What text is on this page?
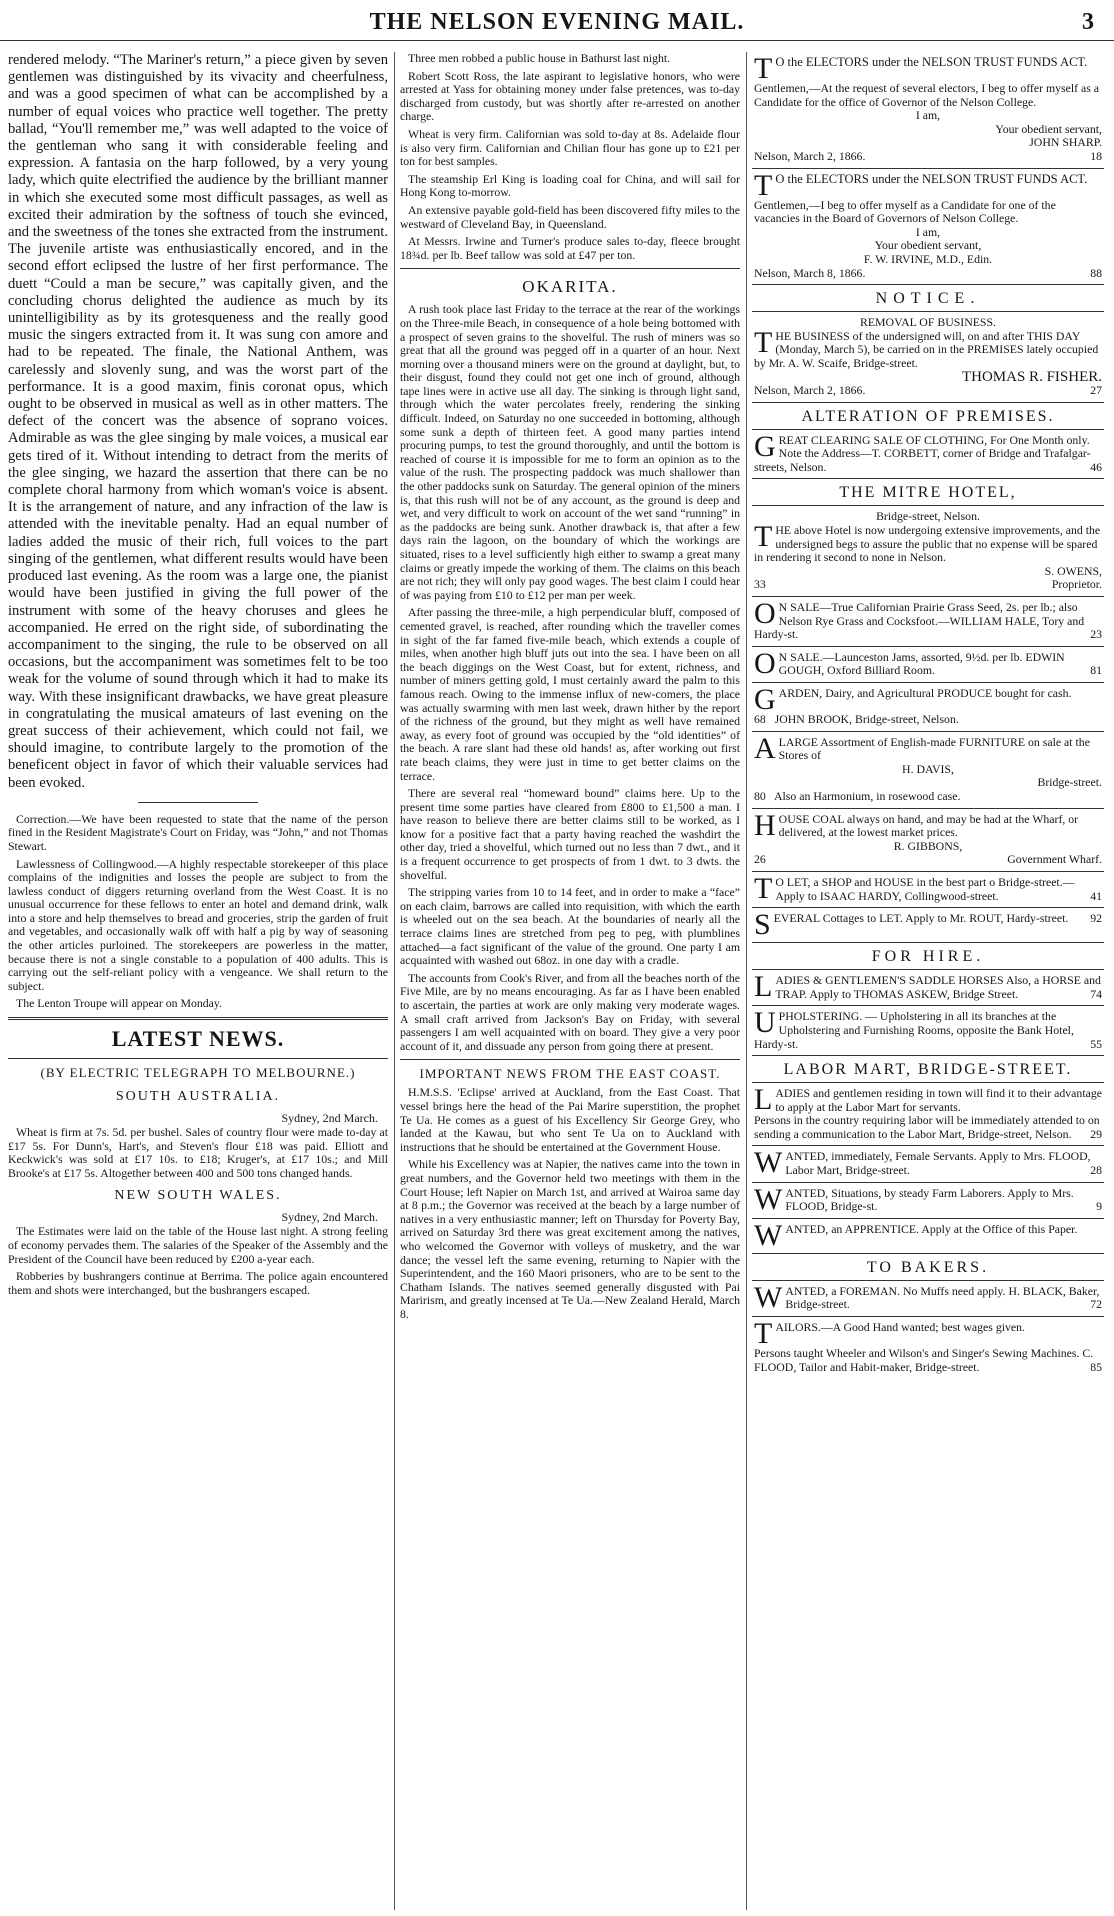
THE NELSON EVENING MAIL.	3

rendered melody. “The Mariner's return,” a piece given by seven gentlemen was distinguished by its vivacity and cheerfulness, and was a good specimen of what can be accomplished by a number of equal voices who practice well together. The pretty ballad, “You'll remember me,” was well adapted to the voice of the gentleman who sang it with considerable feeling and expression. A fantasia on the harp followed, by a very young lady, which quite electrified the audience by the brilliant manner in which she executed some most difficult passages, as well as excited their admiration by the softness of touch she evinced, and the sweetness of the tones she extracted from the instrument. The juvenile artiste was enthusiastically encored, and in the second effort eclipsed the lustre of her first performance. The duett “Could a man be secure,” was capitally given, and the concluding chorus delighted the audience as much by its unintelligibility as by its grotesqueness and the really good music the singers extracted from it. It was sung con amore and had to be repeated. The finale, the National Anthem, was carelessly and slovenly sung, and was the worst part of the performance. It is a good maxim, finis coronat opus, which ought to be observed in musical as well as in other matters. The defect of the concert was the absence of soprano voices. Admirable as was the glee singing by male voices, a musical ear gets tired of it. Without intending to detract from the merits of the glee singing, we hazard the assertion that there can be no complete choral harmony from which woman's voice is absent. It is the arrangement of nature, and any infraction of the law is attended with the inevitable penalty. Had an equal number of ladies added the music of their rich, full voices to the part singing of the gentlemen, what different results would have been produced last evening. As the room was a large one, the pianist would have been justified in giving the full power of the instrument with some of the heavy choruses and glees he accompanied. He erred on the right side, of subordinating the accompaniment to the singing, the rule to be observed on all occasions, but the accompaniment was sometimes felt to be too weak for the volume of sound through which it had to make its way. With these insignificant drawbacks, we have great pleasure in congratulating the musical amateurs of last evening on the great success of their achievement, which could not fail, we should imagine, to contribute largely to the promotion of the beneficent object in favor of which their valuable services had been evoked.

Correction.—We have been requested to state that the name of the person fined in the Resident Magistrate's Court on Friday, was “John,” and not Thomas Stewart.

Lawlessness of Collingwood.—A highly respectable storekeeper of this place complains of the indignities and losses the people are subject to from the lawless conduct of diggers returning overland from the West Coast. It is no unusual occurrence for these fellows to enter an hotel and demand drink, walk into a store and help themselves to bread and groceries, strip the garden of fruit and vegetables, and occasionally walk off with half a pig by way of seasoning the other articles purloined. The storekeepers are powerless in the matter, because there is not a single constable to a population of 400 adults. This is carrying out the self-reliant policy with a vengeance. We shall return to the subject.

The Lenton Troupe will appear on Monday.

LATEST NEWS.
(BY ELECTRIC TELEGRAPH TO MELBOURNE.)
SOUTH AUSTRALIA.
Sydney, 2nd March.

Wheat is firm at 7s. 5d. per bushel. Sales of country flour were made to-day at £17 5s. For Dunn's, Hart's, and Steven's flour £18 was paid. Elliott and Keckwick's was sold at £17 10s. to £18; Kruger's, at £17 10s.; and Mill Brooke's at £17 5s. Altogether between 400 and 500 tons changed hands.

NEW SOUTH WALES.
Sydney, 2nd March.

The Estimates were laid on the table of the House last night. A strong feeling of economy pervades them. The salaries of the Speaker of the Assembly and the President of the Council have been reduced by £200 a-year each.

Robberies by bushrangers continue at Berrima. The police again encountered them and shots were interchanged, but the bushrangers escaped.

Three men robbed a public house in Bathurst last night.

Robert Scott Ross, the late aspirant to legislative honors, who were arrested at Yass for obtaining money under false pretences, was to-day discharged from custody, but was shortly after re-arrested on another charge.

Wheat is very firm. Californian was sold to-day at 8s. Adelaide flour is also very firm. Californian and Chilian flour has gone up to £21 per ton for best samples.

The steamship Erl King is loading coal for China, and will sail for Hong Kong to-morrow.

An extensive payable gold-field has been discovered fifty miles to the westward of Cleveland Bay, in Queensland.

At Messrs. Irwine and Turner's produce sales to-day, fleece brought 18¾d. per lb. Beef tallow was sold at £47 per ton.

OKARITA.

A rush took place last Friday to the terrace at the rear of the workings on the Three-mile Beach, in consequence of a hole being bottomed with a prospect of seven grains to the shovelful. The rush of miners was so great that all the ground was pegged off in a quarter of an hour. Next morning over a thousand miners were on the ground at daylight, but, to their disgust, found they could not get one inch of ground, although tape lines were in active use all day. The sinking is through light sand, through which the water percolates freely, rendering the sinking difficult. Indeed, on Saturday no one succeeded in bottoming, although some sunk a depth of thirteen feet. A good many parties intend procuring pumps, to test the ground thoroughly, and until the bottom is reached of course it is impossible for me to form an opinion as to the value of the rush. The prospecting paddock was much shallower than the other paddocks sunk on Saturday. The general opinion of the miners is, that this rush will not be of any account, as the ground is deep and wet, and very difficult to work on account of the wet sand “running” in as the paddocks are being sunk. Another drawback is, that after a few days rain the lagoon, on the boundary of which the workings are situated, rises to a level sufficiently high either to swamp a great many claims or greatly impede the working of them. The claims on this beach are not rich; they will only pay good wages. The best claim I could hear of was paying from £10 to £12 per man per week.

After passing the three-mile, a high perpendicular bluff, composed of cemented gravel, is reached, after rounding which the traveller comes in sight of the far famed five-mile beach, which extends a couple of miles, when another high bluff juts out into the sea. I have been on all the beach diggings on the West Coast, but for extent, richness, and number of miners getting gold, I must certainly award the palm to this famous reach. Owing to the immense influx of new-comers, the place was actually swarming with men last week, drawn hither by the report of the richness of the ground, but they might as well have remained away, as every foot of ground was occupied by the “old identities” of the beach. A rare slant had these old hands! as, after working out first rate beach claims, they were just in time to get better claims on the terrace.

There are several real “homeward bound” claims here. Up to the present time some parties have cleared from £800 to £1,500 a man. I have reason to believe there are better claims still to be worked, as I know for a positive fact that a party having reached the washdirt the other day, tried a shovelful, which turned out no less than 7 dwt., and it is a frequent occurrence to get prospects of from 1 dwt. to 3 dwts. the shovelful.

The stripping varies from 10 to 14 feet, and in order to make a “face” on each claim, barrows are called into requisition, with which the earth is wheeled out on the sea beach. At the boundaries of nearly all the terrace claims lines are stretched from peg to peg, with plumblines attached—a fact significant of the value of the ground. One party I am acquainted with washed out 68oz. in one day with a cradle.

The accounts from Cook's River, and from all the beaches north of the Five Mile, are by no means encouraging. As far as I have been enabled to ascertain, the parties at work are only making very moderate wages. A small craft arrived from Jackson's Bay on Friday, with several passengers I am well acquainted with on board. They give a very poor account of it, and dissuade any person from going there at present.

IMPORTANT NEWS FROM THE EAST COAST.

H.M.S.S. 'Eclipse' arrived at Auckland, from the East Coast. That vessel brings here the head of the Pai Marire superstition, the prophet Te Ua. He comes as a guest of his Excellency Sir George Grey, who landed at the Kawau, but who sent Te Ua on to Auckland with instructions that he should be entertained at the Government House.

While his Excellency was at Napier, the natives came into the town in great numbers, and the Governor held two meetings with them in the Court House; left Napier on March 1st, and arrived at Wairoa same day at 8 p.m.; the Governor was received at the beach by a large number of natives in a very enthusiastic manner; left on Thursday for Poverty Bay, arrived on Saturday 3rd there was great excitement among the natives, who welcomed the Governor with volleys of musketry, and the war dance; the vessel left the same evening, returning to Napier with the Superintendent, and the 160 Maori prisoners, who are to be sent to the Chatham Islands. The natives seemed generally disgusted with Pai Marirism, and greatly incensed at Te Ua.—New Zealand Herald, March 8.

T O the ELECTORS under the NELSON TRUST FUNDS ACT.
Gentlemen,—At the request of several electors, I beg to offer myself as a Candidate for the office of Governor of the Nelson College.
I am,
Your obedient servant,
JOHN SHARP.
Nelson, March 2, 1866.	18
T O the ELECTORS under the NELSON TRUST FUNDS ACT.
Gentlemen,—I beg to offer myself as a Candidate for one of the vacancies in the Board of Governors of Nelson College.
I am,
Your obedient servant,
F. W. IRVINE, M.D., Edin.
Nelson, March 8, 1866.	88
NOTICE.
REMOVAL OF BUSINESS.
T HE BUSINESS of the undersigned will, on and after THIS DAY (Monday, March 5), be carried on in the PREMISES lately occupied by Mr. A. W. Scaife, Bridge-street.
THOMAS R. FISHER.
Nelson, March 2, 1866.	27
ALTERATION OF PREMISES.
G REAT CLEARING SALE OF CLOTHING, For One Month only. Note the Address—T. CORBETT, corner of Bridge and Trafalgar-streets, Nelson.	46
THE MITRE HOTEL,
Bridge-street, Nelson.
T HE above Hotel is now undergoing extensive improvements, and the undersigned begs to assure the public that no expense will be spared in rendering it second to none in Nelson.
S. OWENS,
33	Proprietor.
O N SALE—True Californian Prairie Grass Seed, 2s. per lb.; also Nelson Rye Grass and Cocksfoot.—WILLIAM HALE, Tory and Hardy-st.	23
O N SALE.—Launceston Jams, assorted, 9½d. per lb. EDWIN GOUGH, Oxford Billiard Room.	81
G ARDEN, Dairy, and Agricultural PRODUCE bought for cash.
68 JOHN BROOK, Bridge-street, Nelson.
A LARGE Assortment of English-made FURNITURE on sale at the Stores of
H. DAVIS,
Bridge-street.
80 Also an Harmonium, in rosewood case.
H OUSE COAL always on hand, and may be had at the Wharf, or delivered, at the lowest market prices.
R. GIBBONS,
26	Government Wharf.
T O LET, a SHOP and HOUSE in the best part o Bridge-street.—Apply to ISAAC HARDY, Collingwood-street.	41
S EVERAL Cottages to LET. Apply to Mr. ROUT, Hardy-street. 92
FOR HIRE.
L ADIES & GENTLEMEN'S SADDLE HORSES Also, a HORSE and TRAP. Apply to THOMAS ASKEW, Bridge Street.	74
U PHOLSTERING. — Upholstering in all its branches at the Upholstering and Furnishing Rooms, opposite the Bank Hotel, Hardy-st.	55
LABOR MART, BRIDGE-STREET.
L ADIES and gentlemen residing in town will find it to their advantage to apply at the Labor Mart for servants.
Persons in the country requiring labor will be immediately attended to on sending a communication to the Labor Mart, Bridge-street, Nelson. 29
W ANTED, immediately, Female Servants. Apply to Mrs. FLOOD, Labor Mart, Bridge-street.	28
W ANTED, Situations, by steady Farm Laborers. Apply to Mrs. FLOOD, Bridge-st.	9
W ANTED, an APPRENTICE. Apply at the Office of this Paper.
TO BAKERS.
W ANTED, a FOREMAN. No Muffs need apply. H. BLACK, Baker, Bridge-street.	72
T AILORS.—A Good Hand wanted; best wages given.
Persons taught Wheeler and Wilson's and Singer's Sewing Machines. C. FLOOD, Tailor and Habit-maker, Bridge-street.	85
